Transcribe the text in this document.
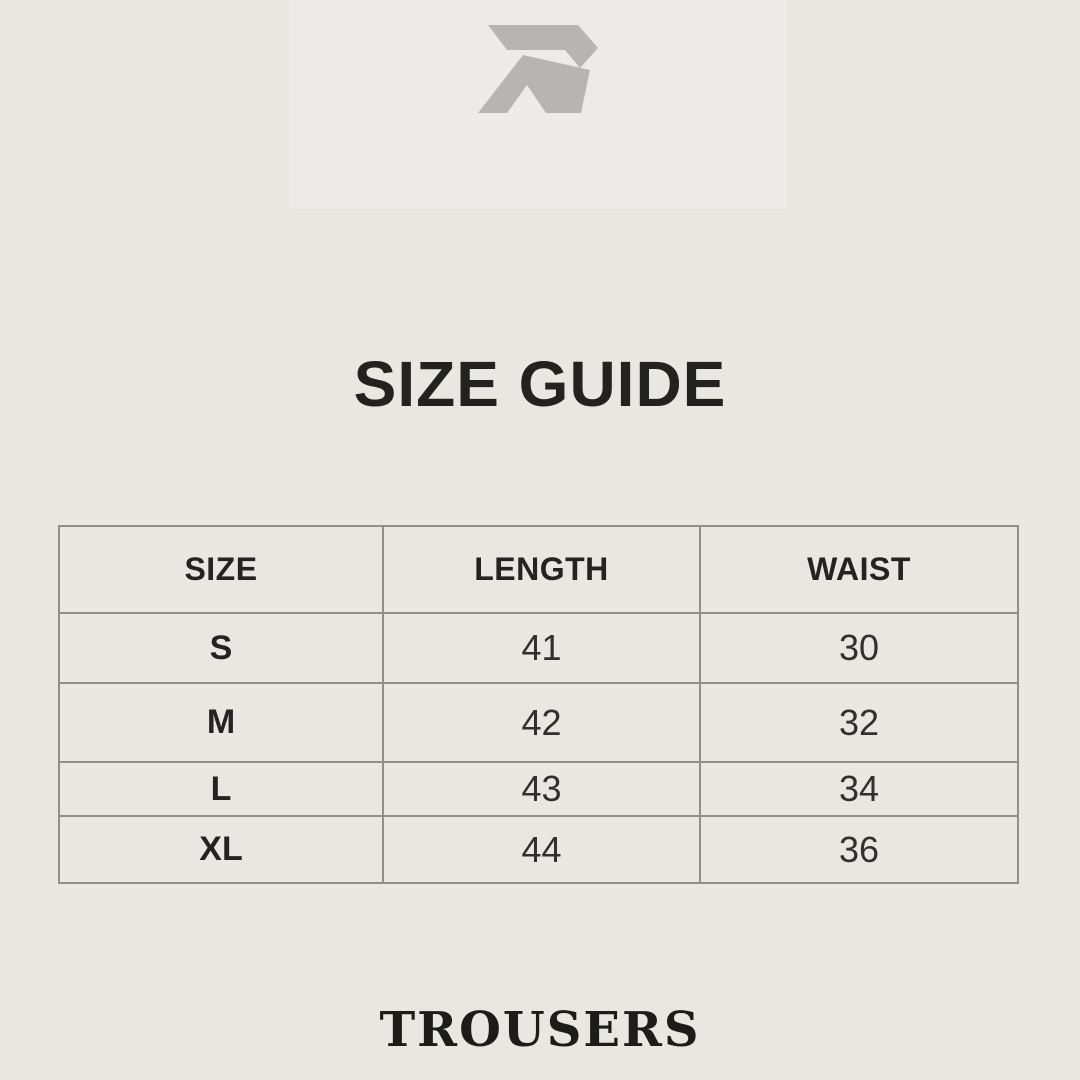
SIZE GUIDE
SIZE	LENGTH	WAIST
S	41	30
M	42	32
L	43	34
XL	44	36
TROUSERS
